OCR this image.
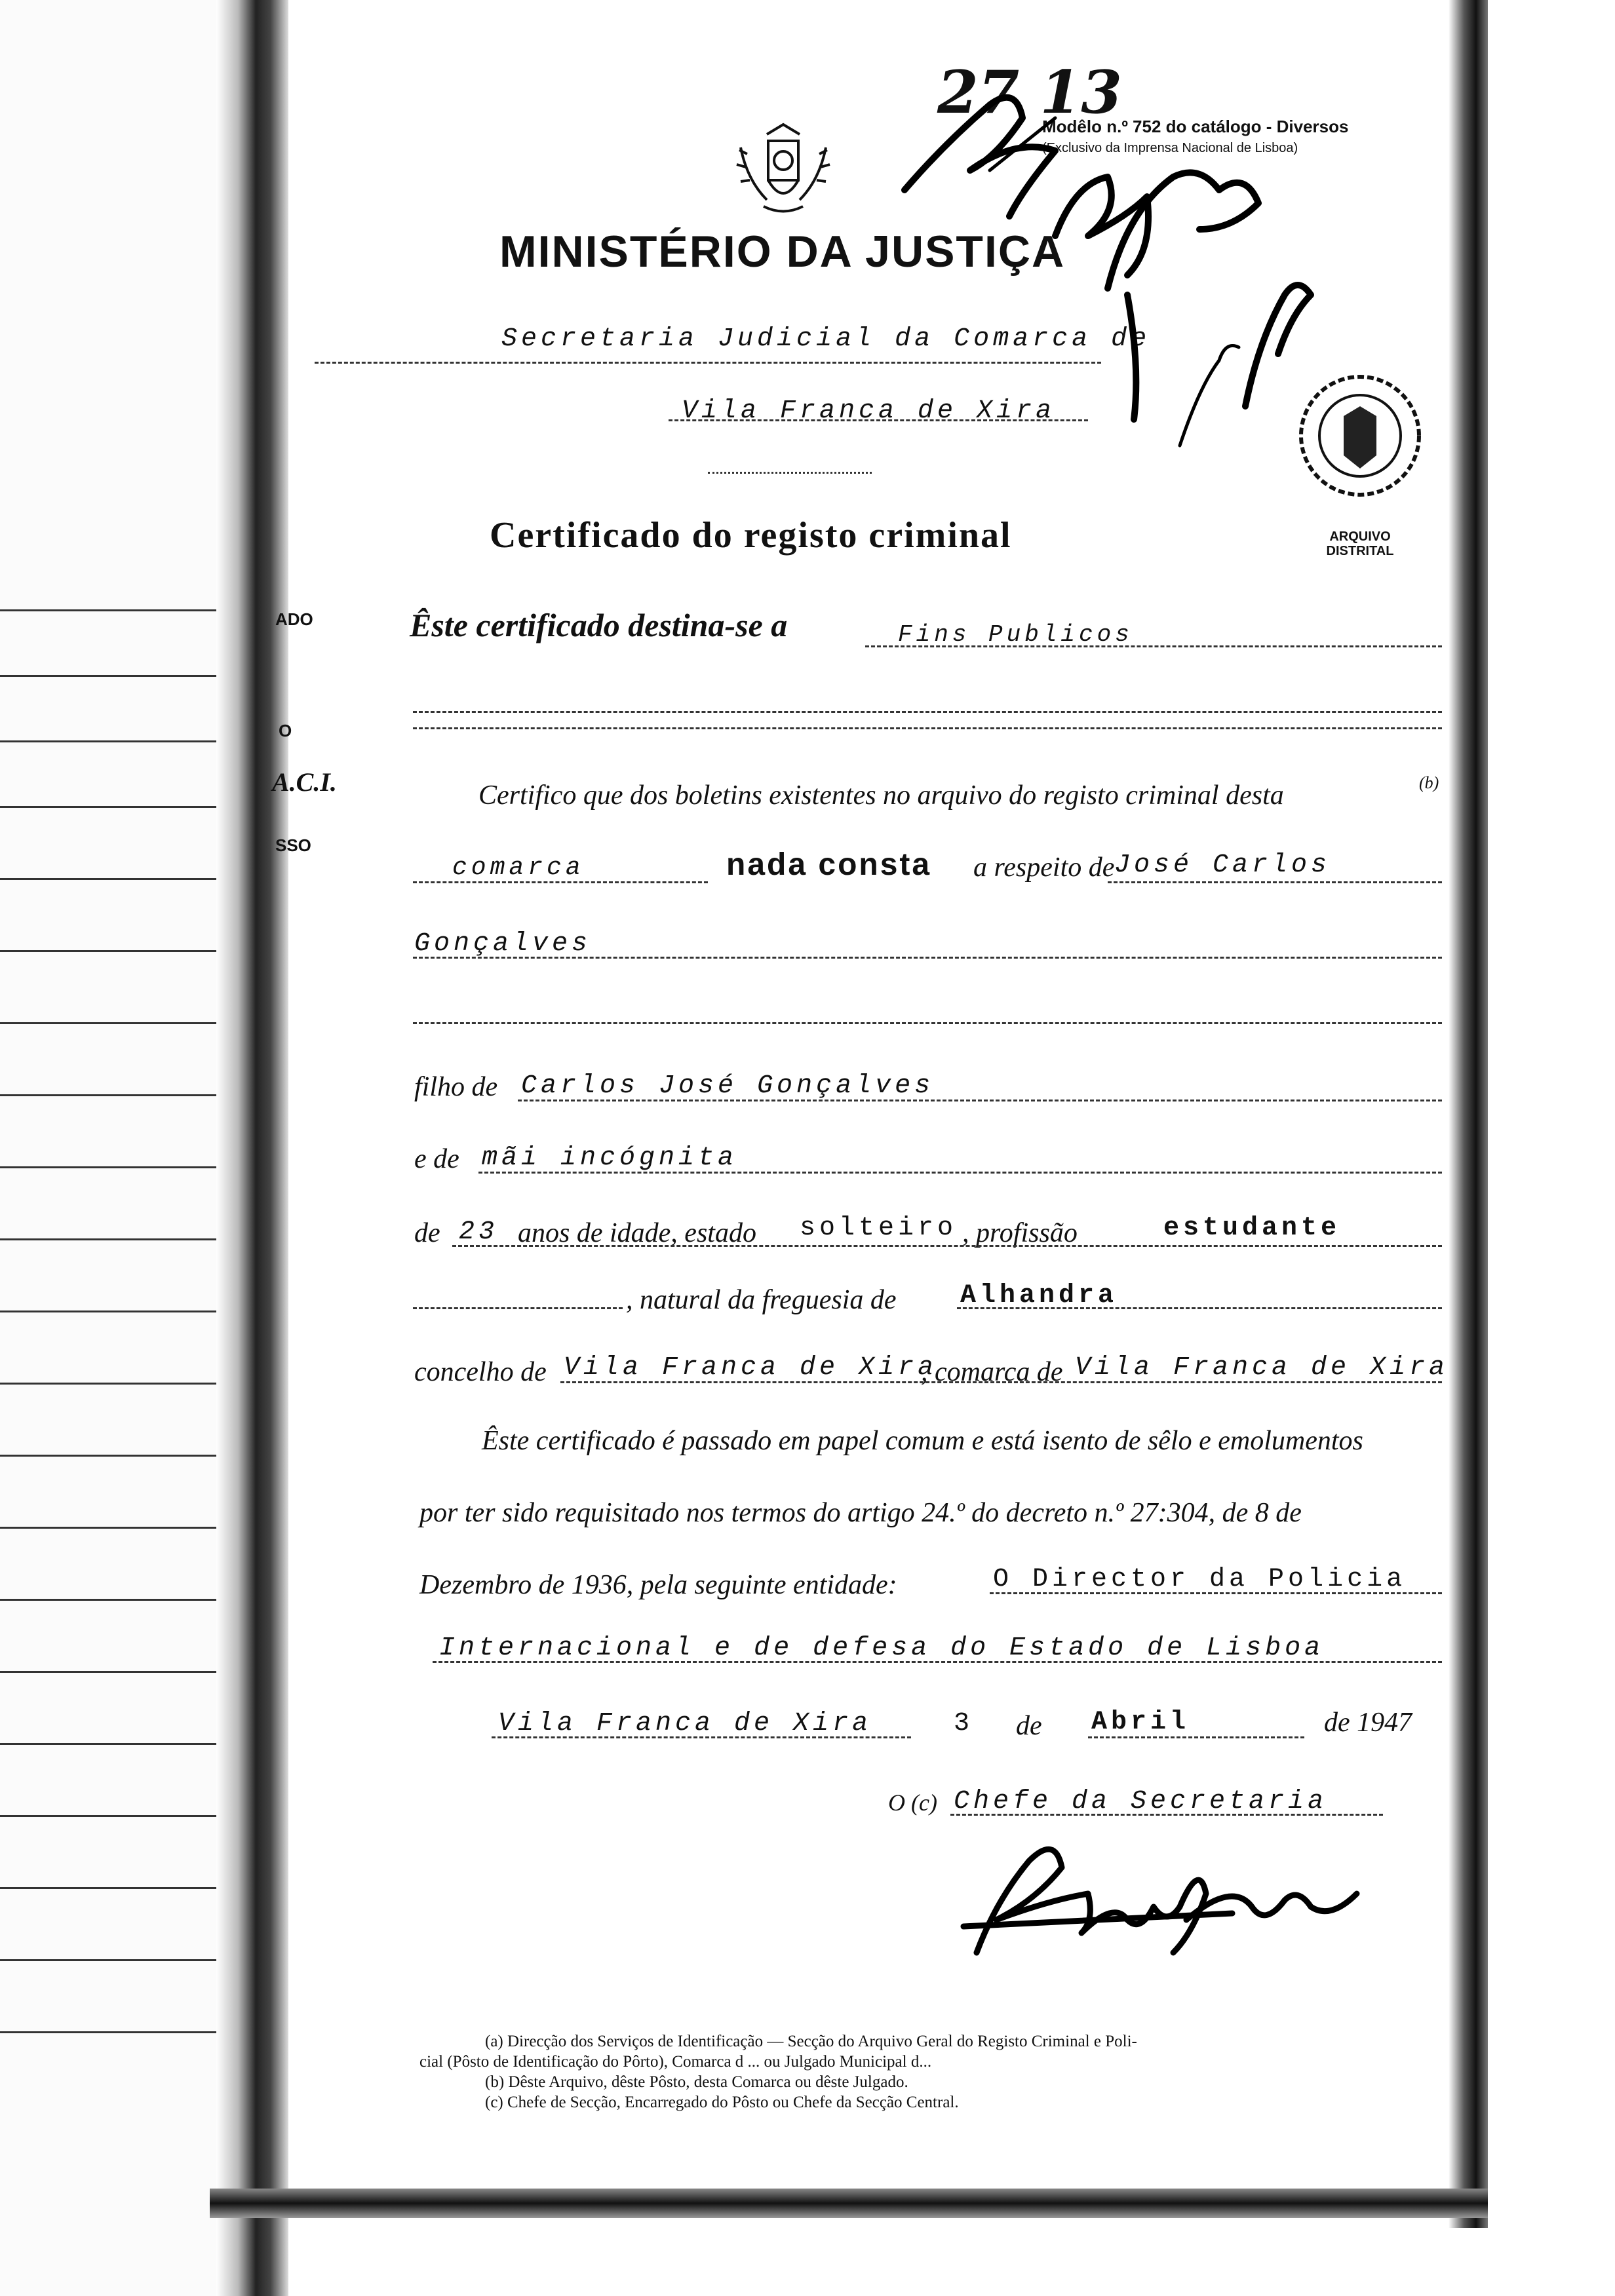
ADO
O
A.C.I.
SSO
Modêlo n.º 752 do catálogo - Diversos
(Exclusivo da Imprensa Nacional de Lisboa)
MINISTÉRIO DA JUSTIÇA
Secretaria Judicial da Comarca de
Vila Franca de Xira
ARQUIVO DISTRITAL
27 13
Certificado do registo criminal
Êste certificado destina-se a	Fins Publicos
Certifico que dos boletins existentes no arquivo do registo criminal desta	(b)
comarca	nada consta a respeito de José Carlos
Gonçalves
filho de Carlos José Gonçalves
e de mãi incógnita
de 23 anos de idade, estado solteiro , profissão	estudante
, natural da freguesia de Alhandra
concelho de Vila Franca de Xira
, comarca de Vila Franca de Xira
Êste certificado é passado em papel comum e está isento de sêlo e emolumentos
por ter sido requisitado nos termos do artigo 24.º do decreto n.º 27:304, de 8 de
Dezembro de 1936, pela seguinte entidade:	O Director da Policia
Internacional e de defesa do Estado de Lisboa
Vila Franca de Xira	3 de Abril	de 1947
O (c) Chefe da Secretaria
(a) Direcção dos Serviços de Identificação — Secção do Arquivo Geral do Registo Criminal e Poli-
cial (Pôsto de Identificação do Pôrto), Comarca d ... ou Julgado Municipal d...
(b) Dêste Arquivo, dêste Pôsto, desta Comarca ou dêste Julgado.
(c) Chefe de Secção, Encarregado do Pôsto ou Chefe da Secção Central.
